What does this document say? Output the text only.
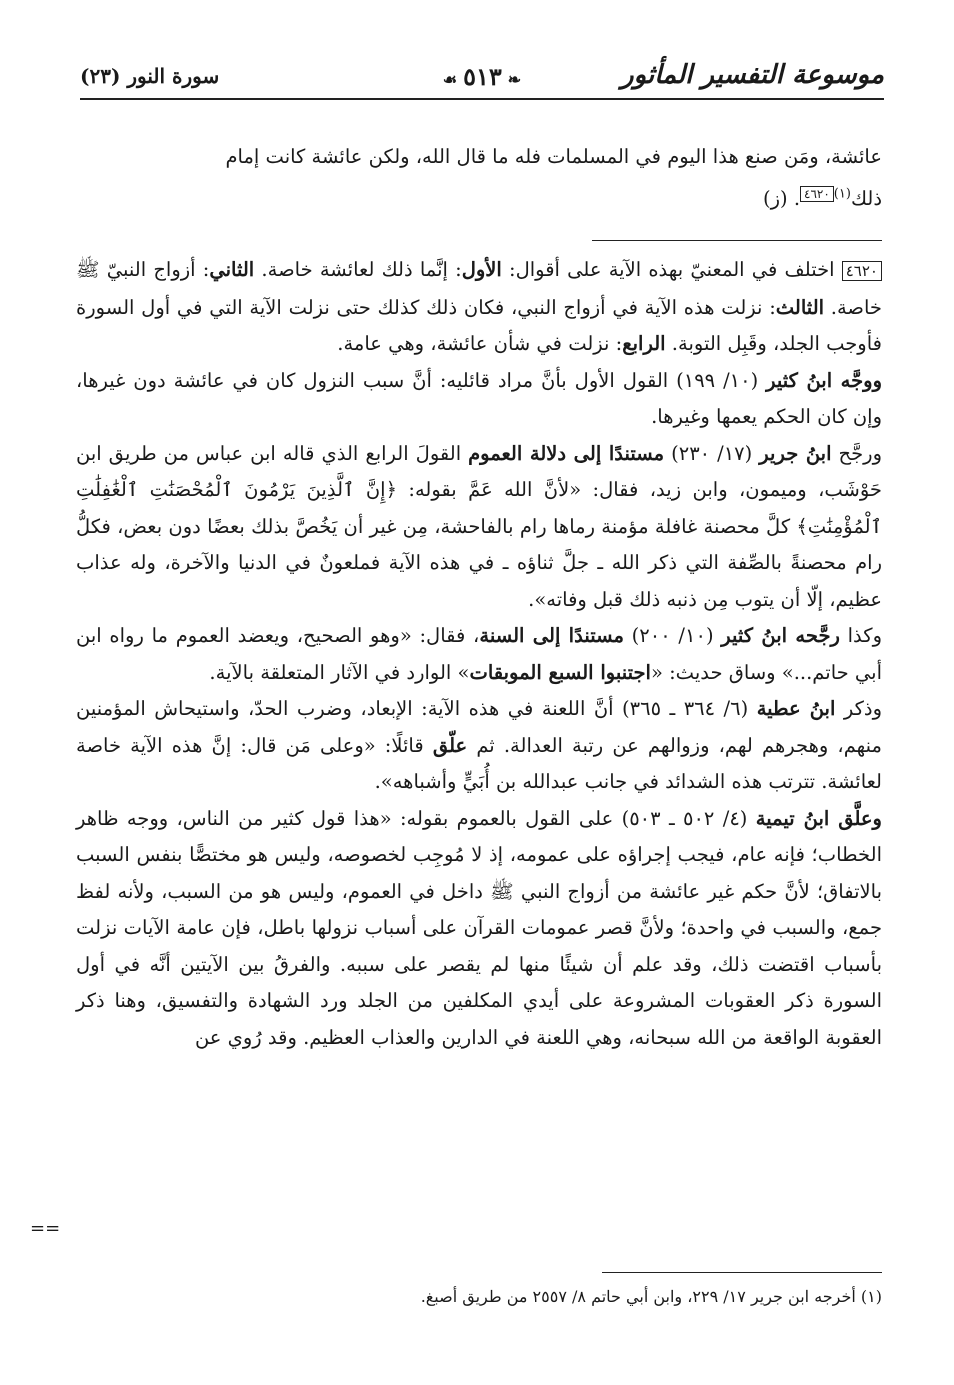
موسوعة التفسير المأثور
❧٥١٣☙
سورة النور (٢٣)
عائشة، ومَن صنع هذا اليوم في المسلمات فله ما قال الله، ولكن عائشة كانت إمام
ذلك$^{(١)٤٦٢٠}$. (ز)

٤٦٢٠ اختلف في المعنيّ بهذه الآية على أقوال: الأول: إنَّما ذلك لعائشة خاصة. الثاني: أزواج النبيّ ﷺ خاصة. الثالث: نزلت هذه الآية في أزواج النبي، فكان ذلك كذلك حتى نزلت الآية التي في أول السورة فأوجب الجلد، وقَبِل التوبة. الرابع: نزلت في شأن عائشة، وهي عامة.

ووجَّه ابنُ كثير (١٠/ ١٩٩) القول الأول بأنَّ مراد قائليه: أنَّ سبب النزول كان في عائشة دون غيرها، وإن كان الحكم يعمها وغيرها.

ورجَّح ابنُ جرير (١٧/ ٢٣٠) مستندًا إلى دلالة العموم القولَ الرابع الذي قاله ابن عباس من طريق ابن حَوْشَب، وميمون، وابن زيد، فقال: «لأنَّ الله عَمَّ بقوله: ﴿إِنَّ ٱلَّذِينَ يَرْمُونَ ٱلْمُحْصَنَٰتِ ٱلْغَٰفِلَٰتِ ٱلْمُؤْمِنَٰتِ﴾ كلَّ محصنة غافلة مؤمنة رماها رام بالفاحشة، مِن غير أن يَخُصَّ بذلك بعضًا دون بعض، فكلُّ رام محصنةً بالصِّفة التي ذكر الله ـ جلَّ ثناؤه ـ في هذه الآية فملعونٌ في الدنيا والآخرة، وله عذاب عظيم، إلّا أن يتوب مِن ذنبه ذلك قبل وفاته».

وكذا رجَّحه ابنُ كثير (١٠/ ٢٠٠) مستندًا إلى السنة، فقال: «وهو الصحيح، ويعضد العموم ما رواه ابن أبي حاتم...» وساق حديث: «اجتنبوا السبع الموبقات» الوارد في الآثار المتعلقة بالآية.

وذكر ابنُ عطية (٦/ ٣٦٤ ـ ٣٦٥) أنَّ اللعنة في هذه الآية: الإبعاد، وضرب الحدّ، واستيحاش المؤمنين منهم، وهجرهم لهم، وزوالهم عن رتبة العدالة. ثم علّق قائلًا: «وعلى مَن قال: إنَّ هذه الآية خاصة لعائشة. تترتب هذه الشدائد في جانب عبدالله بن أُبَيٍّ وأشباهه».

وعلَّق ابنُ تيمية (٤/ ٥٠٢ ـ ٥٠٣) على القول بالعموم بقوله: «هذا قول كثير من الناس، ووجه ظاهر الخطاب؛ فإنه عام، فيجب إجراؤه على عمومه، إذ لا مُوجِب لخصوصه، وليس هو مختصًّا بنفس السبب بالاتفاق؛ لأنَّ حكم غير عائشة من أزواج النبي ﷺ داخل في العموم، وليس هو من السبب، ولأنه لفظ جمع، والسبب في واحدة؛ ولأنَّ قصر عمومات القرآن على أسباب نزولها باطل، فإن عامة الآيات نزلت بأسباب اقتضت ذلك، وقد علم أن شيئًا منها لم يقصر على سببه. والفرقُ بين الآيتين أنَّه في أول السورة ذكر العقوبات المشروعة على أيدي المكلفين من الجلد ورد الشهادة والتفسيق، وهنا ذكر العقوبة الواقعة من الله سبحانه، وهي اللعنة في الدارين والعذاب العظيم. وقد رُوي عن

==
(١) أخرجه ابن جرير ١٧/ ٢٢٩، وابن أبي حاتم ٨/ ٢٥٥٧ من طريق أصبغ.
